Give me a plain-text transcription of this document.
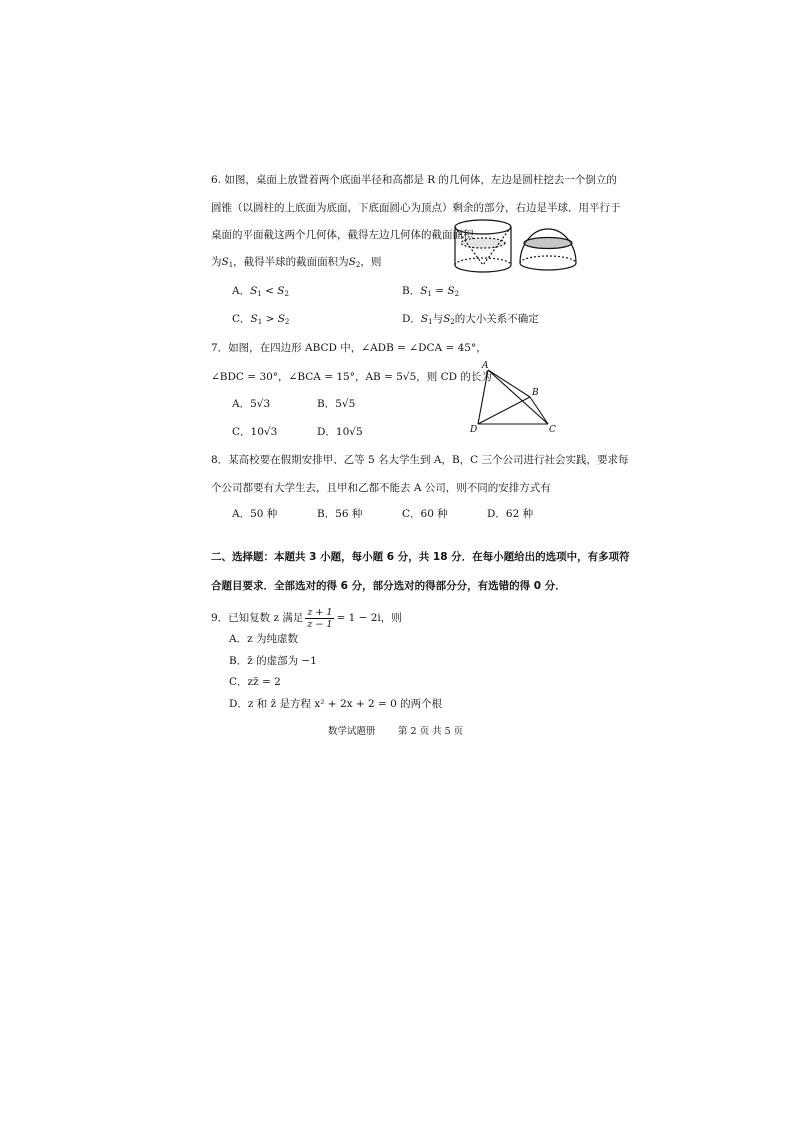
6. 如图，桌面上放置着两个底面半径和高都是 R 的几何体，左边是圆柱挖去一个倒立的
圆锥（以圆柱的上底面为底面，下底面圆心为顶点）剩余的部分，右边是半球．用平行于
桌面的平面截这两个几何体，截得左边几何体的截面面积
为$S_1$，截得半球的截面面积为$S_2$，则
A．$S_1 < S_2$	B．$S_1 = S_2$
C．$S_1 > S_2$	D．$S_1$与$S_2$的大小关系不确定
7．如图，在四边形 ABCD 中，∠ADB = ∠DCA = 45°，
∠BDC = 30°，∠BCA = 15°，AB = 5√5，则 CD 的长为
A
B
C
D
A．5√3	B．5√5
C．10√3	D．10√5
8．某高校要在假期安排甲、乙等 5 名大学生到 A，B，C 三个公司进行社会实践，要求每
个公司都要有大学生去，且甲和乙都不能去 A 公司，则不同的安排方式有
A．50 种	B．56 种	C．60 种	D．62 种
二、选择题：本题共 3 小题，每小题 6 分，共 18 分．在每小题给出的选项中，有多项符
合题目要求．全部选对的得 6 分，部分选对的得部分分，有选错的得 0 分．
9．已知复数 z 满足 $\frac{z + 1}{z - 1} = 1 - 2i$，则
A．z 为纯虚数
B．z̄ 的虚部为 −1
C．zz̄ = 2
D．z 和 z̄ 是方程 x² + 2x + 2 = 0 的两个根
数学试题册 第 2 页 共 5 页
